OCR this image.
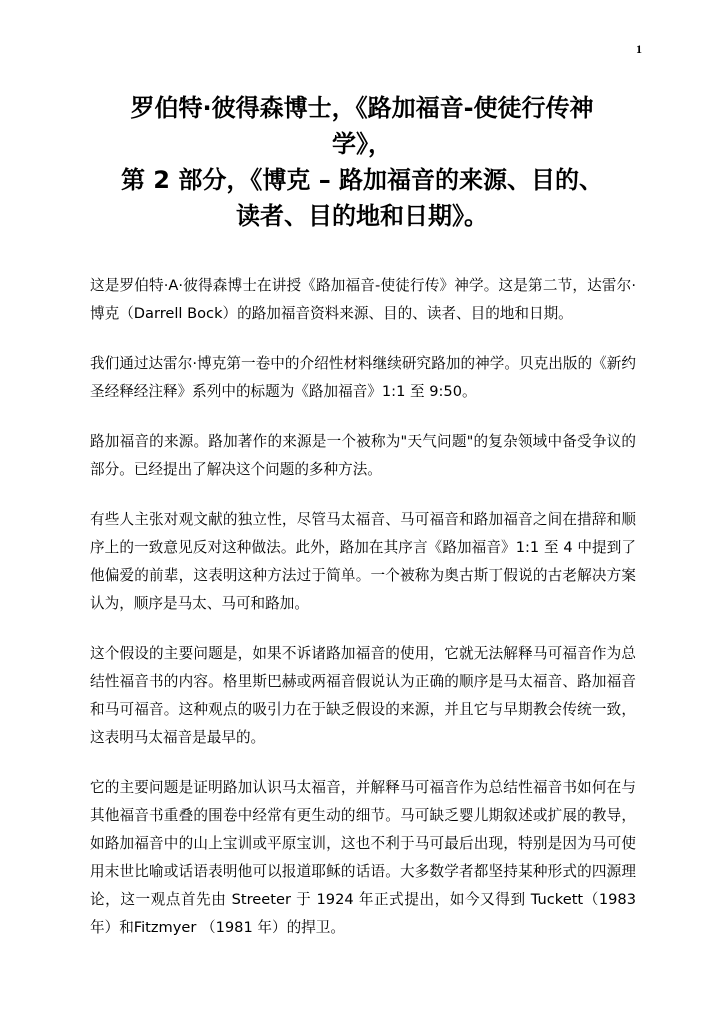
1
罗伯特·彼得森博士，《路加福音-使徒行传神
学》，
第 2 部分，《博克 – 路加福音的来源、目的、
读者、目的地和日期》。

这是罗伯特·A·彼得森博士在讲授《路加福音-使徒行传》神学。这是第二节，达雷尔·博克（Darrell Bock）的路加福音资料来源、目的、读者、目的地和日期。

我们通过达雷尔·博克第一卷中的介绍性材料继续研究路加的神学。贝克出版的《新约圣经释经注释》系列中的标题为《路加福音》1:1 至 9:50。

路加福音的来源。路加著作的来源是一个被称为"天气问题"的复杂领域中备受争议的部分。已经提出了解决这个问题的多种方法。

有些人主张对观文献的独立性，尽管马太福音、马可福音和路加福音之间在措辞和顺序上的一致意见反对这种做法。此外，路加在其序言《路加福音》1:1 至 4 中提到了他偏爱的前辈，这表明这种方法过于简单。一个被称为奥古斯丁假说的古老解决方案认为，顺序是马太、马可和路加。

这个假设的主要问题是，如果不诉诸路加福音的使用，它就无法解释马可福音作为总结性福音书的内容。格里斯巴赫或两福音假说认为正确的顺序是马太福音、路加福音和马可福音。这种观点的吸引力在于缺乏假设的来源，并且它与早期教会传统一致，这表明马太福音是最早的。

它的主要问题是证明路加认识马太福音，并解释马可福音作为总结性福音书如何在与其他福音书重叠的围卷中经常有更生动的细节。马可缺乏婴儿期叙述或扩展的教导，如路加福音中的山上宝训或平原宝训，这也不利于马可最后出现，特别是因为马可使用末世比喻或话语表明他可以报道耶稣的话语。大多数学者都坚持某种形式的四源理论，这一观点首先由 Streeter 于 1924 年正式提出，如今又得到 Tuckett（1983 年）和Fitzmyer （1981 年）的捍卫。
